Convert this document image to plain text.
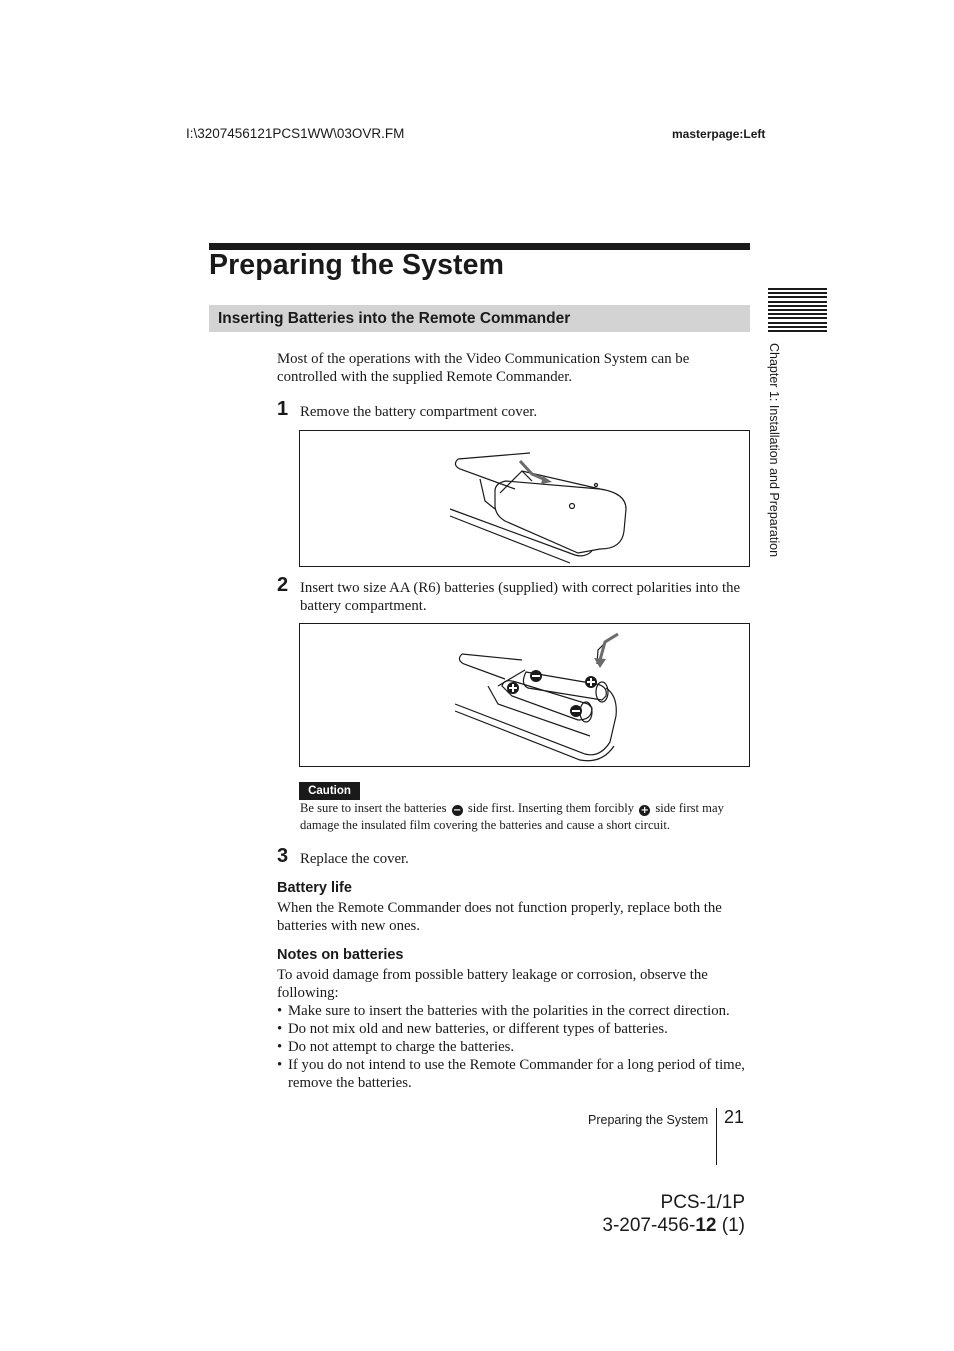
I:\3207456121PCS1WW\03OVR.FM	masterpage:Left
Preparing the System
Inserting Batteries into the Remote Commander
Most of the operations with the Video Communication System can be controlled with the supplied Remote Commander.
1 Remove the battery compartment cover.
2 Insert two size AA (R6) batteries (supplied) with correct polarities into the battery compartment.
Caution
Be sure to insert the batteries − side first. Inserting them forcibly + side first may damage the insulated film covering the batteries and cause a short circuit.
3 Replace the cover.
Battery life
When the Remote Commander does not function properly, replace both the batteries with new ones.
Notes on batteries
To avoid damage from possible battery leakage or corrosion, observe the following:
• Make sure to insert the batteries with the polarities in the correct direction.
• Do not mix old and new batteries, or different types of batteries.
• Do not attempt to charge the batteries.
• If you do not intend to use the Remote Commander for a long period of time, remove the batteries.
Chapter 1: Installation and Preparation
Preparing the System 21
PCS-1/1P
3-207-456-12 (1)
